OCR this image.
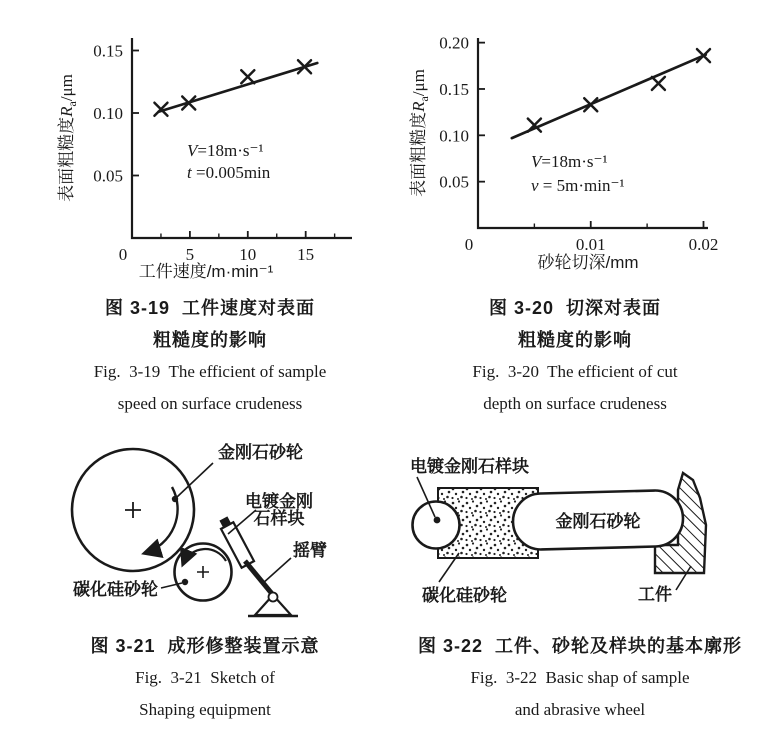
0	5	10 15
0.05
0.10
0.15
V=18m·s⁻¹
t =0.005min
工件速度/m·min⁻¹
表面粗糙度$R_a/\mu m$
0	0.01	0.02
0.05
0.10
0.15
0.20
V=18m·s⁻¹
v = 5m·min⁻¹
砂轮切深/mm
表面粗糙度$R_a/\mu m$
图 3-19  工件速度对表面
粗糙度的影响
Fig.  3-19  The efficient of sample
speed on surface crudeness
图 3-20  切深对表面
粗糙度的影响
Fig.  3-20  The efficient of cut
depth on surface crudeness
金刚石砂轮
电镀金刚
石样块
摇臂
碳化硅砂轮
金刚石砂轮
电镀金刚石样块
碳化硅砂轮	工件
图 3-21  成形修整装置示意
Fig.  3-21  Sketch of
Shaping equipment
图 3-22  工件、砂轮及样块的基本廓形
Fig.  3-22  Basic shap of sample
and abrasive wheel
